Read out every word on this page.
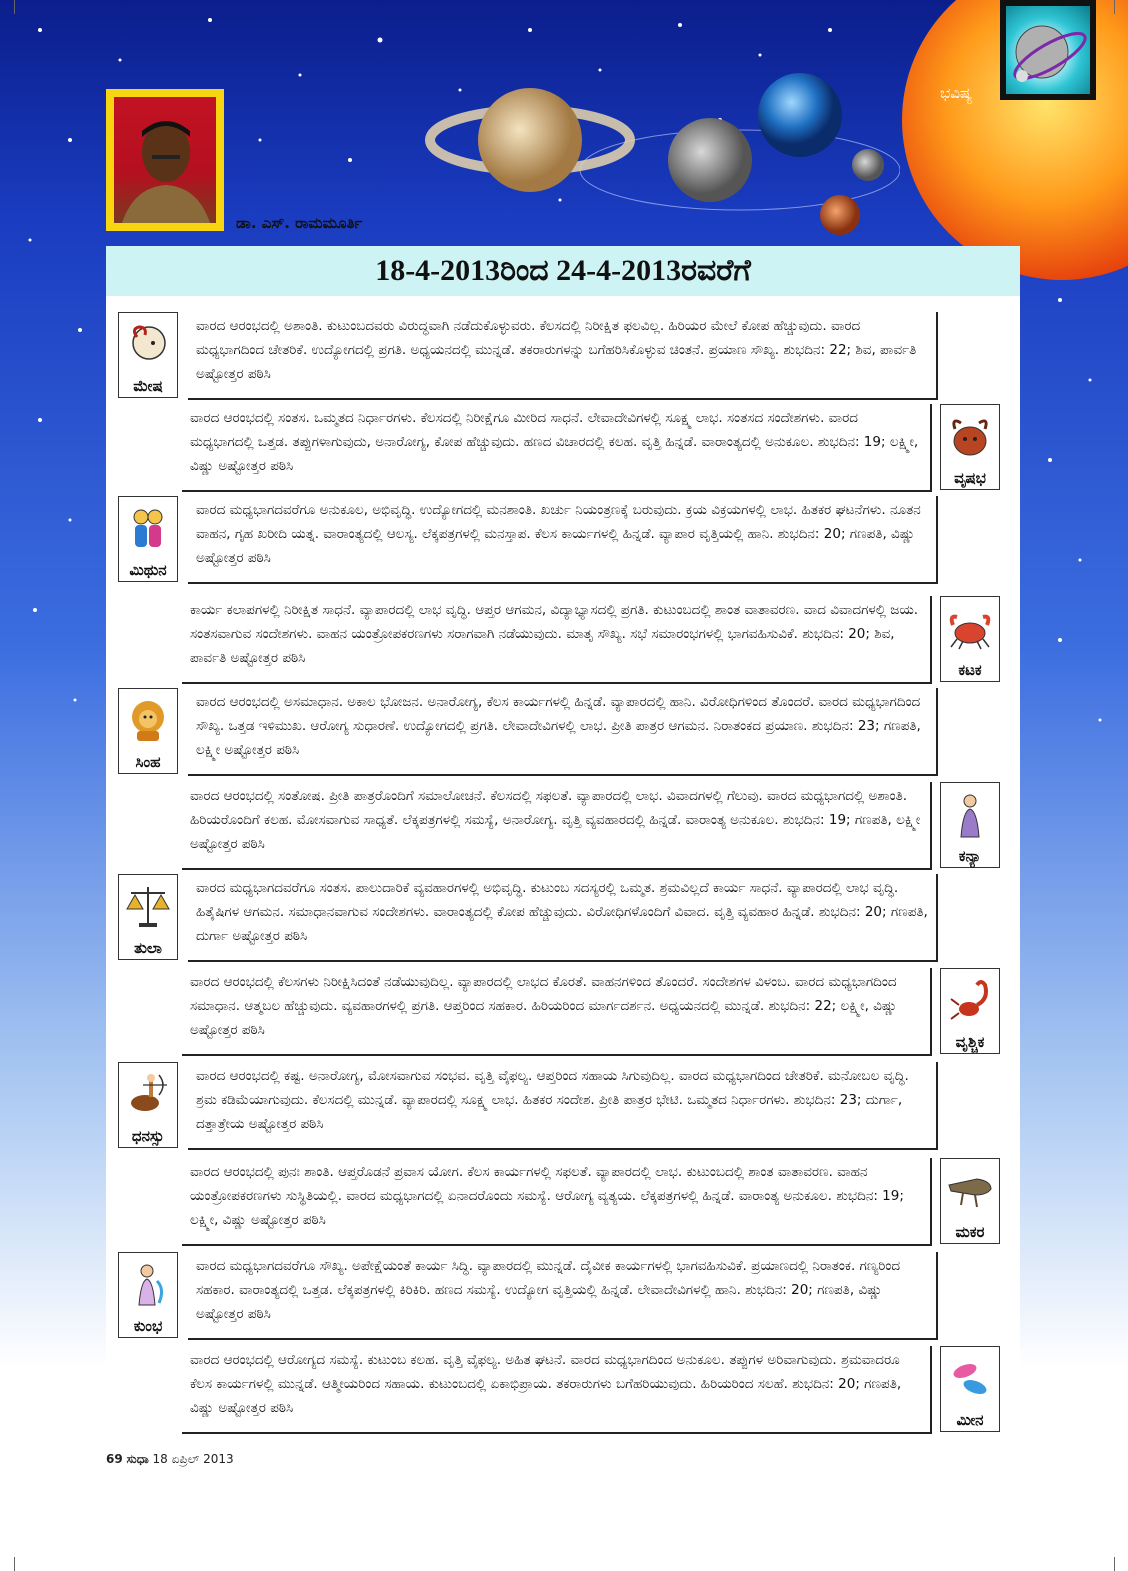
ಭವಿಷ್ಯ
ಡಾ. ಎಸ್. ರಾಮಮೂರ್ತಿ
18-4-2013ರಿಂದ 24-4-2013ರವರೆಗೆ
ಮೇಷ
ವಾರದ ಆರಂಭದಲ್ಲಿ ಅಶಾಂತಿ. ಕುಟುಂಬದವರು ವಿರುದ್ಧವಾಗಿ ನಡೆದುಕೊಳ್ಳುವರು. ಕೆಲಸದಲ್ಲಿ ನಿರೀಕ್ಷಿತ ಫಲವಿಲ್ಲ. ಹಿರಿಯರ ಮೇಲೆ ಕೋಪ ಹೆಚ್ಚುವುದು. ವಾರದ ಮಧ್ಯಭಾಗದಿಂದ ಚೇತರಿಕೆ. ಉದ್ಯೋಗದಲ್ಲಿ ಪ್ರಗತಿ. ಅಧ್ಯಯನದಲ್ಲಿ ಮುನ್ನಡೆ. ತಕರಾರುಗಳನ್ನು ಬಗೆಹರಿಸಿಕೊಳ್ಳುವ ಚಿಂತನೆ. ಪ್ರಯಾಣ ಸೌಖ್ಯ. ಶುಭದಿನ: 22; ಶಿವ, ಪಾರ್ವತಿ ಅಷ್ಟೋತ್ತರ ಪಠಿಸಿ
ವಾರದ ಆರಂಭದಲ್ಲಿ ಸಂತಸ. ಒಮ್ಮತದ ನಿರ್ಧಾರಗಳು. ಕೆಲಸದಲ್ಲಿ ನಿರೀಕ್ಷೆಗೂ ಮೀರಿದ ಸಾಧನೆ. ಲೇವಾದೇವಿಗಳಲ್ಲಿ ಸೂಕ್ಷ್ಮ ಲಾಭ. ಸಂತಸದ ಸಂದೇಶಗಳು. ವಾರದ ಮಧ್ಯಭಾಗದಲ್ಲಿ ಒತ್ತಡ. ತಪ್ಪುಗಳಾಗುವುದು, ಅನಾರೋಗ್ಯ, ಕೋಪ ಹೆಚ್ಚುವುದು. ಹಣದ ವಿಚಾರದಲ್ಲಿ ಕಲಹ. ವೃತ್ತಿ ಹಿನ್ನಡೆ. ವಾರಾಂತ್ಯದಲ್ಲಿ ಅನುಕೂಲ. ಶುಭದಿನ: 19; ಲಕ್ಷ್ಮೀ, ವಿಷ್ಣು ಅಷ್ಟೋತ್ತರ ಪಠಿಸಿ
ವೃಷಭ
ಮಿಥುನ
ವಾರದ ಮಧ್ಯಭಾಗದವರೆಗೂ ಅನುಕೂಲ, ಅಭಿವೃದ್ಧಿ. ಉದ್ಯೋಗದಲ್ಲಿ ಮನಶಾಂತಿ. ಖರ್ಚು ನಿಯಂತ್ರಣಕ್ಕೆ ಬರುವುದು. ಕ್ರಯ ವಿಕ್ರಯಗಳಲ್ಲಿ ಲಾಭ. ಹಿತಕರ ಘಟನೆಗಳು. ನೂತನ ವಾಹನ, ಗೃಹ ಖರೀದಿ ಯತ್ನ. ವಾರಾಂತ್ಯದಲ್ಲಿ ಆಲಸ್ಯ. ಲೆಕ್ಕಪತ್ರಗಳಲ್ಲಿ ಮನಸ್ತಾಪ. ಕೆಲಸ ಕಾರ್ಯಗಳಲ್ಲಿ ಹಿನ್ನಡೆ. ವ್ಯಾಪಾರ ವೃತ್ತಿಯಲ್ಲಿ ಹಾನಿ. ಶುಭದಿನ: 20; ಗಣಪತಿ, ವಿಷ್ಣು ಅಷ್ಟೋತ್ತರ ಪಠಿಸಿ
ಕಾರ್ಯ ಕಲಾಪಗಳಲ್ಲಿ ನಿರೀಕ್ಷಿತ ಸಾಧನೆ. ವ್ಯಾಪಾರದಲ್ಲಿ ಲಾಭ ವೃದ್ಧಿ. ಆಪ್ತರ ಆಗಮನ, ವಿದ್ಯಾಭ್ಯಾಸದಲ್ಲಿ ಪ್ರಗತಿ. ಕುಟುಂಬದಲ್ಲಿ ಶಾಂತ ವಾತಾವರಣ. ವಾದ ವಿವಾದಗಳಲ್ಲಿ ಜಯ. ಸಂತಸವಾಗುವ ಸಂದೇಶಗಳು. ವಾಹನ ಯಂತ್ರೋಪಕರಣಗಳು ಸರಾಗವಾಗಿ ನಡೆಯುವುದು. ಮಾತೃ ಸೌಖ್ಯ. ಸಭೆ ಸಮಾರಂಭಗಳಲ್ಲಿ ಭಾಗವಹಿಸುವಿಕೆ. ಶುಭದಿನ: 20; ಶಿವ, ಪಾರ್ವತಿ ಅಷ್ಟೋತ್ತರ ಪಠಿಸಿ
ಕಟಕ
ಸಿಂಹ
ವಾರದ ಆರಂಭದಲ್ಲಿ ಅಸಮಾಧಾನ. ಅಕಾಲ ಭೋಜನ. ಅನಾರೋಗ್ಯ, ಕೆಲಸ ಕಾರ್ಯಗಳಲ್ಲಿ ಹಿನ್ನಡೆ. ವ್ಯಾಪಾರದಲ್ಲಿ ಹಾನಿ. ವಿರೋಧಿಗಳಿಂದ ತೊಂದರೆ. ವಾರದ ಮಧ್ಯಭಾಗದಿಂದ ಸೌಖ್ಯ. ಒತ್ತಡ ಇಳಿಮುಖ. ಆರೋಗ್ಯ ಸುಧಾರಣೆ. ಉದ್ಯೋಗದಲ್ಲಿ ಪ್ರಗತಿ. ಲೇವಾದೇವಿಗಳಲ್ಲಿ ಲಾಭ. ಪ್ರೀತಿ ಪಾತ್ರರ ಆಗಮನ. ನಿರಾತಂಕದ ಪ್ರಯಾಣ. ಶುಭದಿನ: 23; ಗಣಪತಿ, ಲಕ್ಷ್ಮೀ ಅಷ್ಟೋತ್ತರ ಪಠಿಸಿ
ವಾರದ ಆರಂಭದಲ್ಲಿ ಸಂತೋಷ. ಪ್ರೀತಿ ಪಾತ್ರರೊಂದಿಗೆ ಸಮಾಲೋಚನೆ. ಕೆಲಸದಲ್ಲಿ ಸಫಲತೆ. ವ್ಯಾಪಾರದಲ್ಲಿ ಲಾಭ. ವಿವಾದಗಳಲ್ಲಿ ಗೆಲುವು. ವಾರದ ಮಧ್ಯಭಾಗದಲ್ಲಿ ಅಶಾಂತಿ. ಹಿರಿಯರೊಂದಿಗೆ ಕಲಹ. ಮೋಸವಾಗುವ ಸಾಧ್ಯತೆ. ಲೆಕ್ಕಪತ್ರಗಳಲ್ಲಿ ಸಮಸ್ಯೆ, ಅನಾರೋಗ್ಯ. ವೃತ್ತಿ ವ್ಯವಹಾರದಲ್ಲಿ ಹಿನ್ನಡೆ. ವಾರಾಂತ್ಯ ಅನುಕೂಲ. ಶುಭದಿನ: 19; ಗಣಪತಿ, ಲಕ್ಷ್ಮೀ ಅಷ್ಟೋತ್ತರ ಪಠಿಸಿ
ಕನ್ಯಾ
ತುಲಾ
ವಾರದ ಮಧ್ಯಭಾಗದವರೆಗೂ ಸಂತಸ. ಪಾಲುದಾರಿಕೆ ವ್ಯವಹಾರಗಳಲ್ಲಿ ಅಭಿವೃದ್ಧಿ. ಕುಟುಂಬ ಸದಸ್ಯರಲ್ಲಿ ಒಮ್ಮತ. ಶ್ರಮವಿಲ್ಲದೆ ಕಾರ್ಯ ಸಾಧನೆ. ವ್ಯಾಪಾರದಲ್ಲಿ ಲಾಭ ವೃದ್ಧಿ. ಹಿತೈಷಿಗಳ ಆಗಮನ. ಸಮಾಧಾನವಾಗುವ ಸಂದೇಶಗಳು. ವಾರಾಂತ್ಯದಲ್ಲಿ ಕೋಪ ಹೆಚ್ಚುವುದು. ವಿರೋಧಿಗಳೊಂದಿಗೆ ವಿವಾದ. ವೃತ್ತಿ ವ್ಯವಹಾರ ಹಿನ್ನಡೆ. ಶುಭದಿನ: 20; ಗಣಪತಿ, ದುರ್ಗಾ ಅಷ್ಟೋತ್ತರ ಪಠಿಸಿ
ವಾರದ ಆರಂಭದಲ್ಲಿ ಕೆಲಸಗಳು ನಿರೀಕ್ಷಿಸಿದಂತೆ ನಡೆಯುವುದಿಲ್ಲ. ವ್ಯಾಪಾರದಲ್ಲಿ ಲಾಭದ ಕೊರತೆ. ವಾಹನಗಳಿಂದ ತೊಂದರೆ. ಸಂದೇಶಗಳ ವಿಳಂಬ. ವಾರದ ಮಧ್ಯಭಾಗದಿಂದ ಸಮಾಧಾನ. ಆತ್ಮಬಲ ಹೆಚ್ಚುವುದು. ವ್ಯವಹಾರಗಳಲ್ಲಿ ಪ್ರಗತಿ. ಆಪ್ತರಿಂದ ಸಹಕಾರ. ಹಿರಿಯರಿಂದ ಮಾರ್ಗದರ್ಶನ. ಅಧ್ಯಯನದಲ್ಲಿ ಮುನ್ನಡೆ. ಶುಭದಿನ: 22; ಲಕ್ಷ್ಮೀ, ವಿಷ್ಣು ಅಷ್ಟೋತ್ತರ ಪಠಿಸಿ
ವೃಶ್ಚಿಕ
ಧನಸ್ಸು
ವಾರದ ಆರಂಭದಲ್ಲಿ ಕಷ್ಟ. ಅನಾರೋಗ್ಯ, ಮೋಸವಾಗುವ ಸಂಭವ. ವೃತ್ತಿ ವೈಫಲ್ಯ. ಆಪ್ತರಿಂದ ಸಹಾಯ ಸಿಗುವುದಿಲ್ಲ. ವಾರದ ಮಧ್ಯಭಾಗದಿಂದ ಚೇತರಿಕೆ. ಮನೋಬಲ ವೃದ್ಧಿ. ಶ್ರಮ ಕಡಿಮೆಯಾಗುವುದು. ಕೆಲಸದಲ್ಲಿ ಮುನ್ನಡೆ. ವ್ಯಾಪಾರದಲ್ಲಿ ಸೂಕ್ಷ್ಮ ಲಾಭ. ಹಿತಕರ ಸಂದೇಶ. ಪ್ರೀತಿ ಪಾತ್ರರ ಭೇಟಿ. ಒಮ್ಮತದ ನಿರ್ಧಾರಗಳು. ಶುಭದಿನ: 23; ದುರ್ಗಾ, ದತ್ತಾತ್ರೇಯ ಅಷ್ಟೋತ್ತರ ಪಠಿಸಿ
ವಾರದ ಆರಂಭದಲ್ಲಿ ಪುನಃ ಶಾಂತಿ. ಆಪ್ತರೊಡನೆ ಪ್ರವಾಸ ಯೋಗ. ಕೆಲಸ ಕಾರ್ಯಗಳಲ್ಲಿ ಸಫಲತೆ. ವ್ಯಾಪಾರದಲ್ಲಿ ಲಾಭ. ಕುಟುಂಬದಲ್ಲಿ ಶಾಂತ ವಾತಾವರಣ. ವಾಹನ ಯಂತ್ರೋಪಕರಣಗಳು ಸುಸ್ಥಿತಿಯಲ್ಲಿ. ವಾರದ ಮಧ್ಯಭಾಗದಲ್ಲಿ ಏನಾದರೊಂದು ಸಮಸ್ಯೆ. ಆರೋಗ್ಯ ವ್ಯತ್ಯಯ. ಲೆಕ್ಕಪತ್ರಗಳಲ್ಲಿ ಹಿನ್ನಡೆ. ವಾರಾಂತ್ಯ ಅನುಕೂಲ. ಶುಭದಿನ: 19; ಲಕ್ಷ್ಮೀ, ವಿಷ್ಣು ಅಷ್ಟೋತ್ತರ ಪಠಿಸಿ
ಮಕರ
ಕುಂಭ
ವಾರದ ಮಧ್ಯಭಾಗದವರೆಗೂ ಸೌಖ್ಯ. ಅಪೇಕ್ಷೆಯಂತೆ ಕಾರ್ಯ ಸಿದ್ಧಿ. ವ್ಯಾಪಾರದಲ್ಲಿ ಮುನ್ನಡೆ. ದೈವೀಕ ಕಾರ್ಯಗಳಲ್ಲಿ ಭಾಗವಹಿಸುವಿಕೆ. ಪ್ರಯಾಣದಲ್ಲಿ ನಿರಾತಂಕ. ಗಣ್ಯರಿಂದ ಸಹಕಾರ. ವಾರಾಂತ್ಯದಲ್ಲಿ ಒತ್ತಡ. ಲೆಕ್ಕಪತ್ರಗಳಲ್ಲಿ ಕಿರಿಕಿರಿ. ಹಣದ ಸಮಸ್ಯೆ. ಉದ್ಯೋಗ ವೃತ್ತಿಯಲ್ಲಿ ಹಿನ್ನಡೆ. ಲೇವಾದೇವಿಗಳಲ್ಲಿ ಹಾನಿ. ಶುಭದಿನ: 20; ಗಣಪತಿ, ವಿಷ್ಣು ಅಷ್ಟೋತ್ತರ ಪಠಿಸಿ
ವಾರದ ಆರಂಭದಲ್ಲಿ ಆರೋಗ್ಯದ ಸಮಸ್ಯೆ. ಕುಟುಂಬ ಕಲಹ. ವೃತ್ತಿ ವೈಫಲ್ಯ. ಅಹಿತ ಘಟನೆ. ವಾರದ ಮಧ್ಯಭಾಗದಿಂದ ಅನುಕೂಲ. ತಪ್ಪುಗಳ ಅರಿವಾಗುವುದು. ಶ್ರಮವಾದರೂ ಕೆಲಸ ಕಾರ್ಯಗಳಲ್ಲಿ ಮುನ್ನಡೆ. ಆತ್ಮೀಯರಿಂದ ಸಹಾಯ. ಕುಟುಂಬದಲ್ಲಿ ಏಕಾಭಿಪ್ರಾಯ. ತಕರಾರುಗಳು ಬಗೆಹರಿಯುವುದು. ಹಿರಿಯರಿಂದ ಸಲಹೆ. ಶುಭದಿನ: 20; ಗಣಪತಿ, ವಿಷ್ಣು ಅಷ್ಟೋತ್ತರ ಪಠಿಸಿ
ಮೀನ
69 ಸುಧಾ 18 ಏಪ್ರಿಲ್ 2013
